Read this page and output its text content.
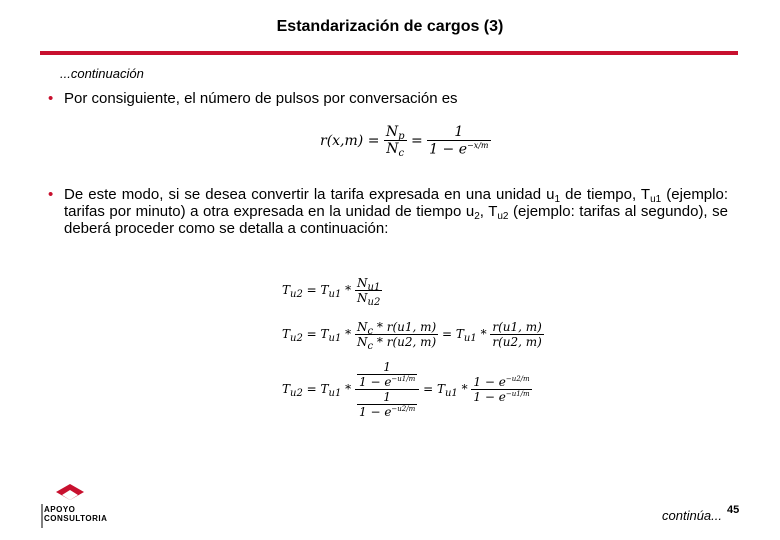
Estandarización de cargos (3)
...continuación
• Por consiguiente, el número de pulsos por conversación es
$r(x,m) = \frac{N_p}{N_c} = \frac{1}{1 - e^{-x/m}}$
• De este modo, si se desea convertir la tarifa expresada en una unidad $u_1$ de tiempo, $T_{u1}$ (ejemplo: tarifas por minuto) a otra expresada en la unidad de tiempo $u_2$, $T_{u2}$ (ejemplo: tarifas al segundo), se deberá proceder como se detalla a continuación:
$T_{u2} = T_{u1} * \frac{N_{u1}}{N_{u2}}$
$T_{u2} = T_{u1} * \frac{N_c * r(u1, m)}{N_c * r(u2, m)} = T_{u1} * \frac{r(u1, m)}{r(u2, m)}$
$T_{u2} = T_{u1} * \frac{\frac{1}{1 - e^{-u1/m}}}{\frac{1}{1 - e^{-u2/m}}} = T_{u1} * \frac{1 - e^{-u2/m}}{1 - e^{-u1/m}}$
APOYO
CONSULTORIA	continúa... 45
